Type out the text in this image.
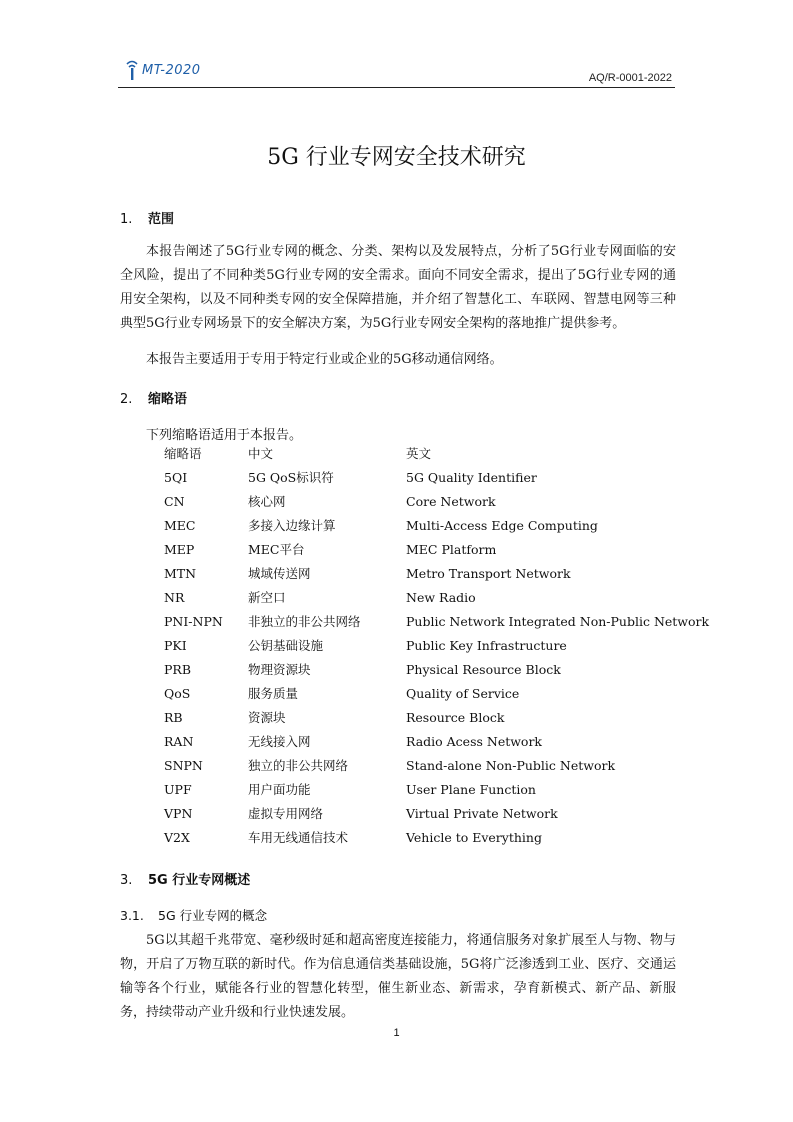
MT-2020
AQ/R-0001-2022
5G 行业专网安全技术研究
1. 范围
本报告阐述了5G行业专网的概念、分类、架构以及发展特点，分析了5G行业专网面临的安全风险，提出了不同种类5G行业专网的安全需求。面向不同安全需求，提出了5G行业专网的通用安全架构，以及不同种类专网的安全保障措施，并介绍了智慧化工、车联网、智慧电网等三种典型5G行业专网场景下的安全解决方案，为5G行业专网安全架构的落地推广提供参考。
本报告主要适用于专用于特定行业或企业的5G移动通信网络。
2. 缩略语
下列缩略语适用于本报告。
缩略语	中文	英文
5QI	5G QoS标识符	5G Quality Identifier
CN	核心网	Core Network
MEC	多接入边缘计算	Multi-Access Edge Computing
MEP	MEC平台	MEC Platform
MTN	城域传送网	Metro Transport Network
NR	新空口	New Radio
PNI-NPN	非独立的非公共网络	Public Network Integrated Non-Public Network
PKI	公钥基础设施	Public Key Infrastructure
PRB	物理资源块	Physical Resource Block
QoS	服务质量	Quality of Service
RB	资源块	Resource Block
RAN	无线接入网	Radio Acess Network
SNPN	独立的非公共网络	Stand-alone Non-Public Network
UPF	用户面功能	User Plane Function
VPN	虚拟专用网络	Virtual Private Network
V2X	车用无线通信技术	Vehicle to Everything
3. 5G 行业专网概述
3.1. 5G 行业专网的概念
5G以其超千兆带宽、毫秒级时延和超高密度连接能力，将通信服务对象扩展至人与物、物与物，开启了万物互联的新时代。作为信息通信类基础设施，5G将广泛渗透到工业、医疗、交通运输等各个行业，赋能各行业的智慧化转型，催生新业态、新需求，孕育新模式、新产品、新服务，持续带动产业升级和行业快速发展。
1
